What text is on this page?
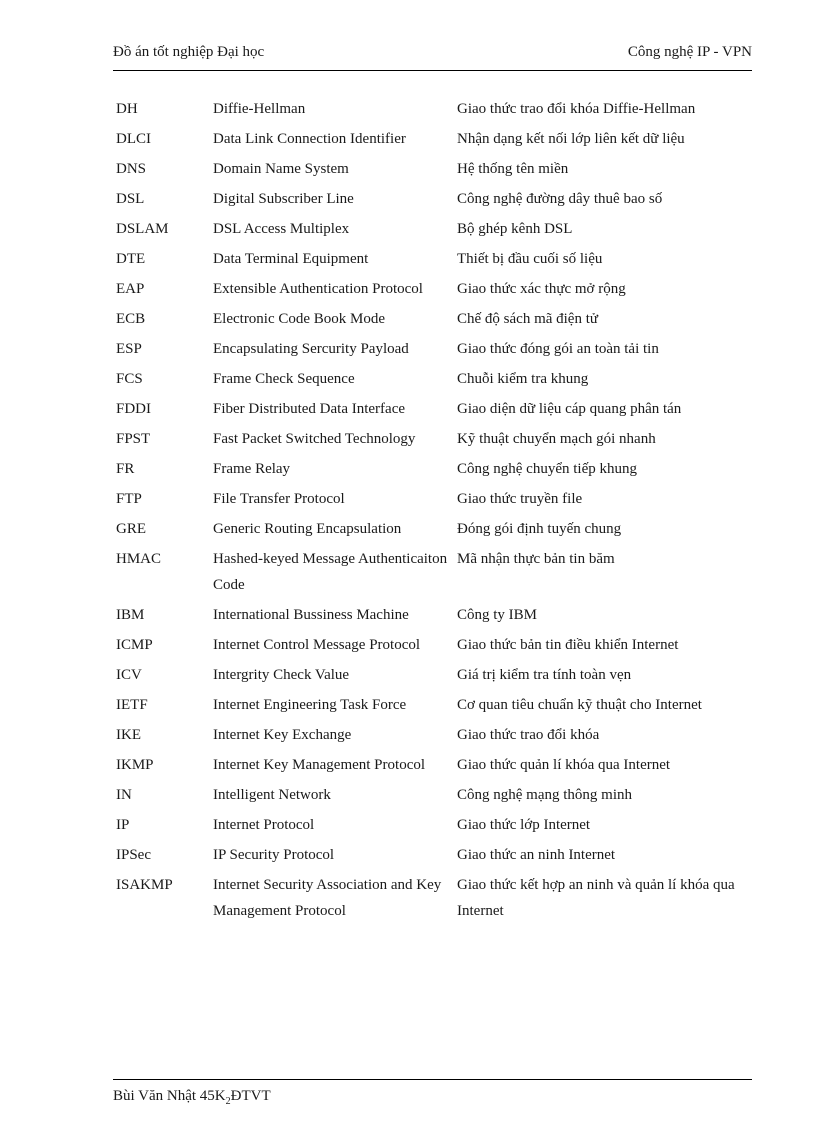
Đồ án tốt nghiệp Đại học	Công nghệ IP - VPN
DH	Diffie-Hellman	Giao thức trao đổi khóa Diffie-Hellman
DLCI	Data Link Connection Identifier	Nhận dạng kết nối lớp liên kết dữ liệu
DNS	Domain Name System	Hệ thống tên miền
DSL	Digital Subscriber Line	Công nghệ đường dây thuê bao số
DSLAM	DSL Access Multiplex	Bộ ghép kênh DSL
DTE	Data Terminal Equipment	Thiết bị đầu cuối số liệu
EAP	Extensible Authentication Protocol	Giao thức xác thực mở rộng
ECB	Electronic Code Book Mode	Chế độ sách mã điện tử
ESP	Encapsulating Sercurity Payload	Giao thức đóng gói an toàn tải tin
FCS	Frame Check Sequence	Chuỗi kiểm tra khung
FDDI	Fiber Distributed Data Interface	Giao diện dữ liệu cáp quang phân tán
FPST	Fast Packet Switched Technology	Kỹ thuật chuyển mạch gói nhanh
FR	Frame Relay	Công nghệ chuyển tiếp khung
FTP	File Transfer Protocol	Giao thức truyền file
GRE	Generic Routing Encapsulation	Đóng gói định tuyến chung
HMAC	Hashed-keyed Message Authenticaiton Code	Mã nhận thực bản tin băm
IBM	International Bussiness Machine	Công ty IBM
ICMP	Internet Control Message Protocol	Giao thức bản tin điều khiển Internet
ICV	Intergrity Check Value	Giá trị kiểm tra tính toàn vẹn
IETF	Internet Engineering Task Force	Cơ quan tiêu chuẩn kỹ thuật cho Internet
IKE	Internet Key Exchange	Giao thức trao đổi khóa
IKMP	Internet Key Management Protocol	Giao thức quản lí khóa qua Internet
IN	Intelligent Network	Công nghệ mạng thông minh
IP	Internet Protocol	Giao thức lớp Internet
IPSec	IP Security Protocol	Giao thức an ninh Internet
ISAKMP	Internet Security Association and Key Management Protocol	Giao thức kết hợp an ninh và quản lí khóa qua Internet
Bùi Văn Nhật $45K_2ĐTVT$
